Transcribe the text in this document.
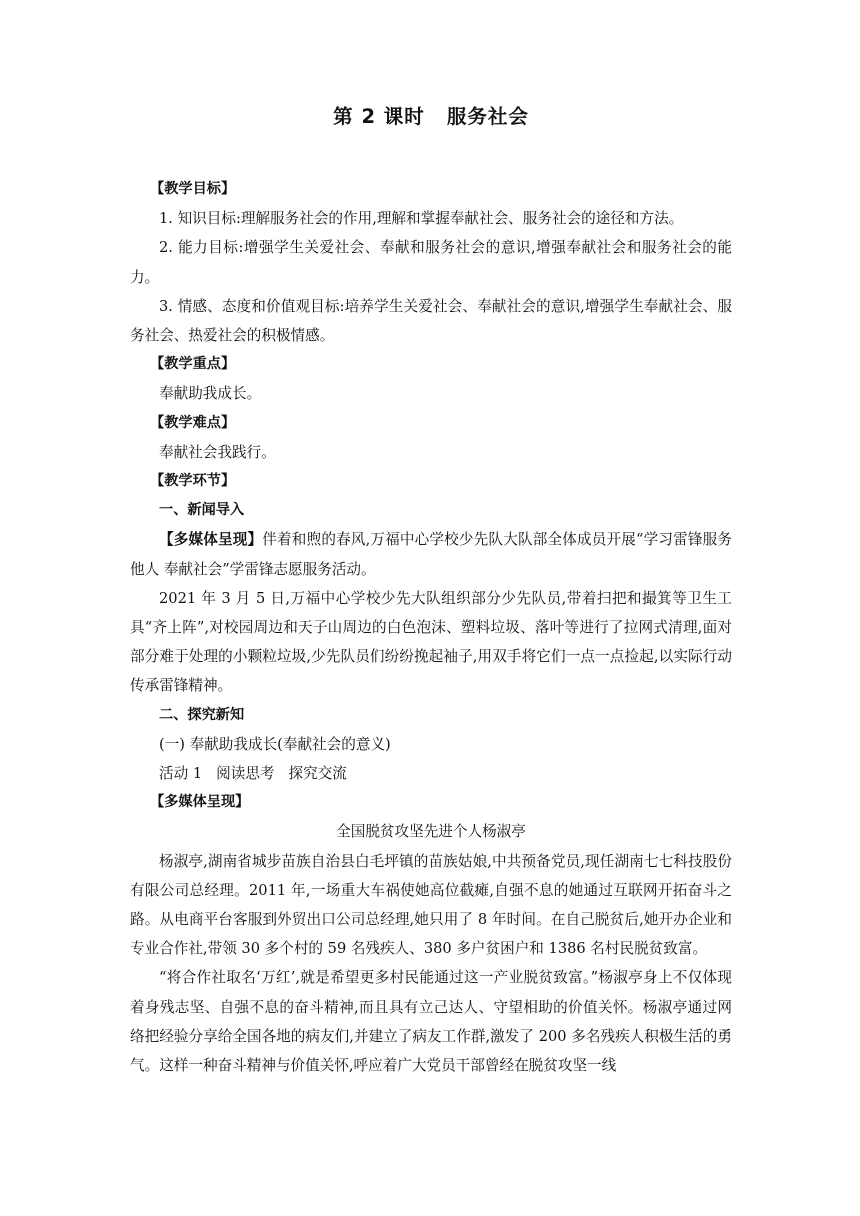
第 2 课时 服务社会

【教学目标】

1. 知识目标:理解服务社会的作用,理解和掌握奉献社会、服务社会的途径和方法。

2. 能力目标:增强学生关爱社会、奉献和服务社会的意识,增强奉献社会和服务社会的能力。

3. 情感、态度和价值观目标:培养学生关爱社会、奉献社会的意识,增强学生奉献社会、服务社会、热爱社会的积极情感。

【教学重点】

奉献助我成长。

【教学难点】

奉献社会我践行。

【教学环节】

一、新闻导入

【多媒体呈现】伴着和煦的春风,万福中心学校少先队大队部全体成员开展“学习雷锋服务他人 奉献社会”学雷锋志愿服务活动。

2021 年 3 月 5 日,万福中心学校少先大队组织部分少先队员,带着扫把和撮箕等卫生工具“齐上阵”,对校园周边和天子山周边的白色泡沫、塑料垃圾、落叶等进行了拉网式清理,面对部分难于处理的小颗粒垃圾,少先队员们纷纷挽起袖子,用双手将它们一点一点捡起,以实际行动传承雷锋精神。

二、探究新知

(一) 奉献助我成长(奉献社会的意义)

活动 1 阅读思考 探究交流

【多媒体呈现】

全国脱贫攻坚先进个人杨淑亭

杨淑亭,湖南省城步苗族自治县白毛坪镇的苗族姑娘,中共预备党员,现任湖南七七科技股份有限公司总经理。2011 年,一场重大车祸使她高位截瘫,自强不息的她通过互联网开拓奋斗之路。从电商平台客服到外贸出口公司总经理,她只用了 8 年时间。在自己脱贫后,她开办企业和专业合作社,带领 30 多个村的 59 名残疾人、380 多户贫困户和 1386 名村民脱贫致富。

“将合作社取名‘万红’,就是希望更多村民能通过这一产业脱贫致富。”杨淑亭身上不仅体现着身残志坚、自强不息的奋斗精神,而且具有立己达人、守望相助的价值关怀。杨淑亭通过网络把经验分享给全国各地的病友们,并建立了病友工作群,激发了 200 多名残疾人积极生活的勇气。这样一种奋斗精神与价值关怀,呼应着广大党员干部曾经在脱贫攻坚一线
